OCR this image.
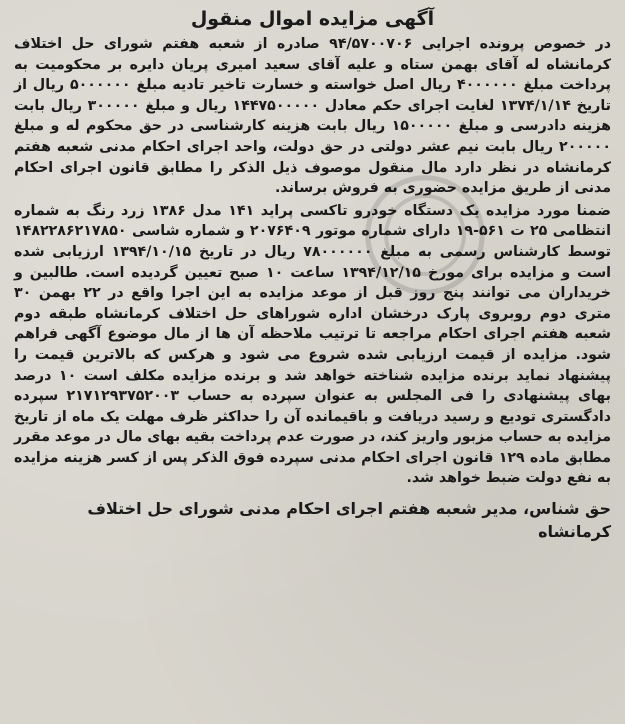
آگهی مزایده اموال منقول

در خصوص پرونده اجرایی ۹۴/۵۷۰۰۷۰۶ صادره از شعبه هفتم شورای حل اختلاف کرمانشاه له آقای بهمن ستاه و علیه آقای سعید امیری پریان دایره بر محکومیت به پرداخت مبلغ ۴۰۰۰۰۰۰ ریال اصل خواسته و خسارت تاخیر تادیه مبلغ ۵۰۰۰۰۰۰ ریال از تاریخ ۱۳۷۴/۱/۱۴ لغایت اجرای حکم معادل ۱۴۴۷۵۰۰۰۰۰ ریال و مبلغ ۳۰۰۰۰۰ ریال بابت هزینه دادرسی و مبلغ ۱۵۰۰۰۰۰ ریال بابت هزینه کارشناسی در حق محکوم له و مبلغ ۲۰۰۰۰۰ ریال بابت نیم عشر دولتی در حق دولت، واحد اجرای احکام مدنی شعبه هفتم کرمانشاه در نظر دارد مال منقول موصوف ذیل الذکر را مطابق قانون اجرای احکام مدنی از طریق مزایده حضوری به فروش برساند.

ضمنا مورد مزایده یک دستگاه خودرو تاکسی پراید ۱۴۱ مدل ۱۳۸۶ زرد رنگ به شماره انتظامی ۲۵ ت ۵۶۱-۱۹ دارای شماره موتور ۲۰۷۶۴۰۹ و شماره شاسی ۱۴۸۲۲۸۶۲۱۷۸۵۰ توسط کارشناس رسمی به مبلغ ۷۸۰۰۰۰۰۰ ریال در تاریخ ۱۳۹۴/۱۰/۱۵ ارزیابی شده است و مزایده برای مورخ ۱۳۹۴/۱۲/۱۵ ساعت ۱۰ صبح تعیین گردیده است. طالبین و خریداران می توانند پنج روز قبل از موعد مزایده به این اجرا واقع در ۲۲ بهمن ۳۰ متری دوم روبروی پارک درخشان اداره شوراهای حل اختلاف کرمانشاه طبقه دوم شعبه هفتم اجرای احکام مراجعه تا ترتیب ملاحظه آن ها از مال موضوع آگهی فراهم شود. مزایده از قیمت ارزیابی شده شروع می شود و هرکس که بالاترین قیمت را پیشنهاد نماید برنده مزایده شناخته خواهد شد و برنده مزایده مکلف است ۱۰ درصد بهای پیشنهادی را فی المجلس به عنوان سپرده به حساب ۲۱۷۱۲۹۳۷۵۲۰۰۳ سپرده دادگستری تودیع و رسید دریافت و باقیمانده آن را حداکثر ظرف مهلت یک ماه از تاریخ مزایده به حساب مزبور واریز کند، در صورت عدم پرداخت بقیه بهای مال در موعد مقرر مطابق ماده ۱۲۹ قانون اجرای احکام مدنی سپرده فوق الذکر پس از کسر هزینه مزایده به نفع دولت ضبط خواهد شد.

حق شناس، مدیر شعبه هفتم اجرای احکام مدنی شورای حل اختلاف کرمانشاه
